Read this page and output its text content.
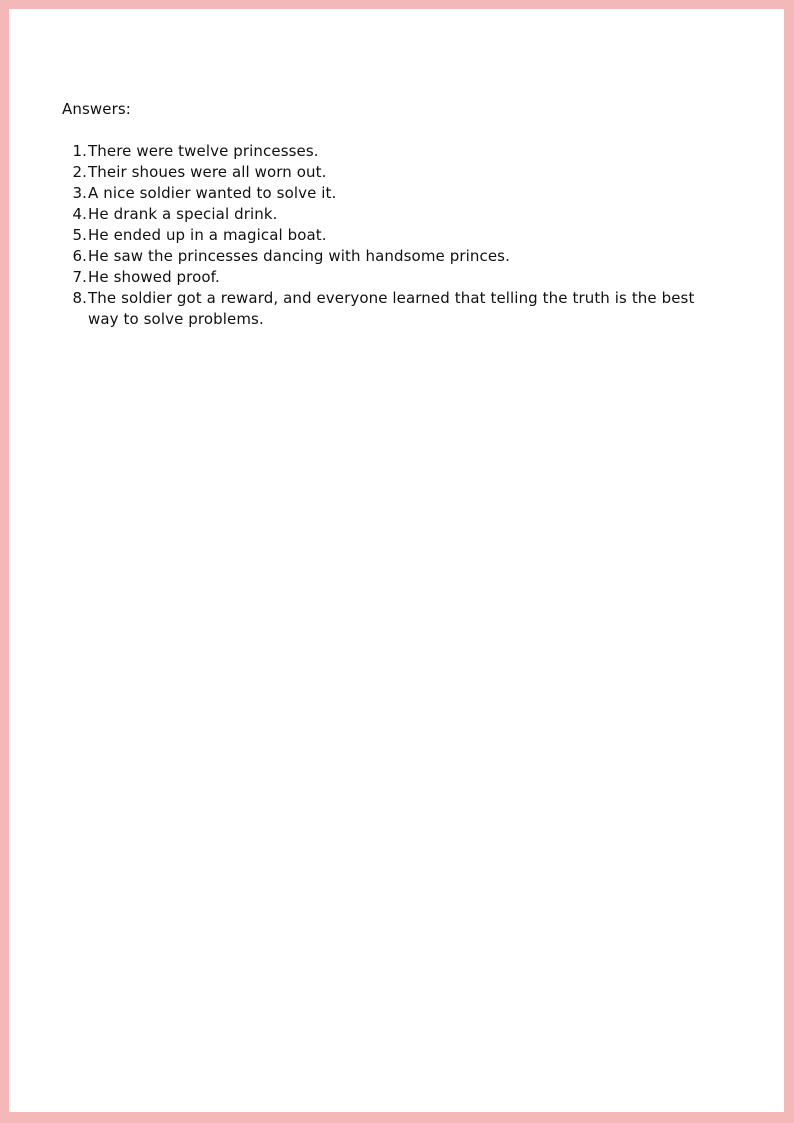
Answers:
1. There were twelve princesses.
2. Their shoues were all worn out.
3. A nice soldier wanted to solve it.
4. He drank a special drink.
5. He ended up in a magical boat.
6. He saw the princesses dancing with handsome princes.
7. He showed proof.
8. The soldier got a reward, and everyone learned that telling the truth is the best way to solve problems.
